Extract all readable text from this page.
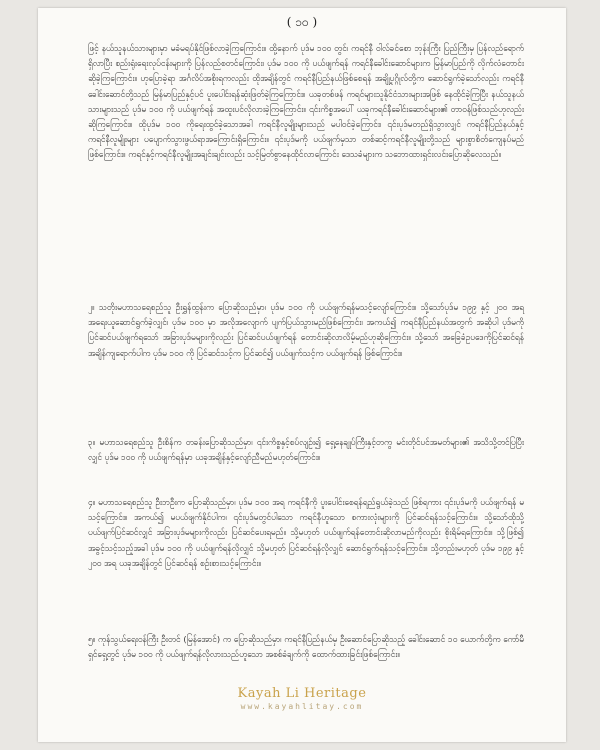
( ၁၀ )

ဖြင့် နယ်သူနယ်သားများမှာ မခံမရပ်နိုင်ဖြစ်လာခဲ့ကြကြောင်း။ ထို့နောက် ပုဒ်မ ၁၀၀ တွင်၊ ကရင်နီ ၀ါလ်ခင်စော ဘုန်းကြီး ပြည်ကြီးမှ ပြန်လည်ရောက်ရှိလာပြီး စည်းရုံးရေးလုပ်ငန်းများကို ပြန်လည်စတင်ကြောင်း၊ ပုဒ်မ ၁၀၀ ကို ပယ်ဖျက်ရန် ကရင်နီခေါင်းဆောင်များက မြန်မာပြည်ကို လိုက်လံတောင်းဆိုခဲ့ကြကြောင်း။ ဟုပြောခဲ့ရာ အင်္ဂလိပ်အစိုးရကလည်း ထိုအချိန်တွင် ကရင်နီပြည်နယ်ဖြစ်စေရန် အချို့ပုဂ္ဂိုလ်တို့က ဆောင်ရွက်ခဲ့သော်လည်း ကရင်နီခေါင်းဆောင်တို့သည် မြန်မာပြည်နှင့်ပင် ပူးပေါင်းရန်ဆုံးဖြတ်ခဲ့ကြကြောင်း။ ယခုတစ်ဖန် ကရင်များသူနိုင်ငံသားများအဖြစ် နေထိုင်ခဲ့ကြပြီး နယ်သူနယ်သားများသည် ပုဒ်မ ၁၀၀ ကို ပယ်ဖျက်ရန် အထူးပင်လိုလားခဲ့ကြကြောင်း။ ၎င်းကိစ္စအပေါ် ယခုကရင်နီခေါင်းဆောင်များ၏ တာဝန်ဖြစ်သည်ဟုလည်း ဆိုကြကြောင်း။ ထိုပုဒ်မ ၁၀၀ ကိုရေးထွင်ခဲ့သောအခါ ကရင်နီလူမျိုးများသည် မပါဝင်ခဲ့ကြောင်း၊ ၎င်းပုဒ်မတည်ရှိသွားလျှင် ကရင်နီပြည်နယ်နှင့် ကရင်နီလူမျိုးများ ပပျောက်သွားဖွယ်ရာအကြောင်းရှိကြောင်း။ ၎င်းပုဒ်မကို ပယ်ဖျက်မှသာ တစ်ဆင့်ကရင်နီလူမျိုးတို့သည် များစွာစိတ်ကျေနပ်မည်ဖြစ်ကြောင်း။ ကရင်နှင့်ကရင်နီလူမျိုးအချင်းချင်းလည်း သင့်မြတ်စွာနေထိုင်လာကြောင်း ဒေသခံများက သဘောထားရှင်းလင်းပြောဆိုလေသည်။

၂။ သတိုးမဟာသရေစည်သူ ဦးရွှန်ထွန်းက ပြောဆိုသည်မှာ၊ ပုဒ်မ ၁၀၀ ကို ပယ်ဖျက်ရန်မသင့်လျော်ကြောင်း။ သို့သော်ပုဒ်မ ၁၉၉ နှင့် ၂၀၀ အရ အရေးယူဆောင်ရွက်ခဲ့လျှင်၊ ပုဒ်မ ၁၀၀ မှာ အလိုအလျောက် ပျက်ပြယ်သွားမည်ဖြစ်ကြောင်း၊ အကယ်၍ ကရင်နီပြည်နယ်အတွက် အဆိုပါ ပုဒ်မကို ပြင်ဆင်ပယ်ဖျက်ရသော် အခြားပုဒ်မများကိုလည်း ပြင်ဆင်ပယ်ဖျက်ရန် တောင်းဆိုလာလိမ့်မည်ဟုဆိုကြောင်း။ သို့သော် အခြေခံဥပဒေကိုပြင်ဆင်ရန် အချိန်ကျရောက်ပါက ပုဒ်မ ၁၀၀ ကို ပြင်ဆင်သင့်က ပြင်ဆင်၍ ပယ်ဖျက်သင့်က ပယ်ဖျက်ရန် ဖြစ်ကြောင်း။

၃။ မဟာသရေစည်သူ ဦးစိန်က တခန်းပြောဆိုသည်မှာ၊ ၎င်းကိစ္စနှင့်စပ်လျဉ်း၍ ရှေ့နေချုပ်ကြီးနှင့်တကွ မင်းတိုင်ပင်အမတ်များ၏ အသိသို့တင်ပြပြီးလျှင် ပုဒ်မ ၁၀၀ ကို ပယ်ဖျက်ရန်မှာ ယခုအချိန်နှင့်လျော်ညီမည်မဟုတ်ကြောင်း။

၄။ မဟာသရေစည်သူ ဦးဘဦးက ပြောဆိုသည်မှာ၊ ပုဒ်မ ၁၀၀ အရ ကရင်နီကို ပူးပေါင်းစေရန်ရည်ရွယ်ခဲ့သည် ဖြစ်ရကား ၎င်းပုဒ်မကို ပယ်ဖျက်ရန် မသင့်ကြောင်း။ အကယ်၍ မပယ်ဖျက်နိုင်ပါက၊ ၎င်းပုဒ်မတွင်ပါသော ကရင်နီဟူသော စကားလုံးများကို ပြင်ဆင်ရန်သင့်ကြောင်း။ သို့သော်ထိုသို့ ပယ်ဖျက်ပြင်ဆင်လျှင် အခြားပုဒ်မများကိုလည်း ပြင်ဆင်ပေးရမည်။ သို့မဟုတ် ပယ်ဖျက်ရန်တောင်းဆိုလာမည်ကိုလည်း စိုးရိမ်ရကြောင်း။ သို့ဖြစ်၍ အခွင့်သင့်သည့်အခါ ပုဒ်မ ၁၀၀ ကို ပယ်ဖျက်ရန်လိုလျှင် သို့မဟုတ် ပြင်ဆင်ရန်လိုလျှင် ဆောင်ရွက်ရန်သင့်ကြောင်း။ သို့တည်းမဟုတ် ပုဒ်မ ၁၉၉ နှင့် ၂၀၀ အရ ယခုအချိန်တွင် ပြင်ဆင်ရန် စဉ်းစားသင့်ကြောင်း။

၅။ ကုန်သွယ်ရေးဝန်ကြီး ဦးတင် (မြန်အောင်) က ပြောဆိုသည်မှာ၊ ကရင်နီပြည်နယ်မှ ဦးဆောင်ပြောဆိုသည့် ခေါင်းဆောင် ၁၀ ယောက်တို့က ကော်မီရှင်ရှေ့တွင် ပုဒ်မ ၁၀၀ ကို ပယ်ဖျက်ရန်လိုလားသည်ဟူသော အစစ်ခံချက်ကို ထောက်ထားခြင်းဖြစ်ကြောင်း။

Kayah Li Heritage
www.kayahlitay.com
